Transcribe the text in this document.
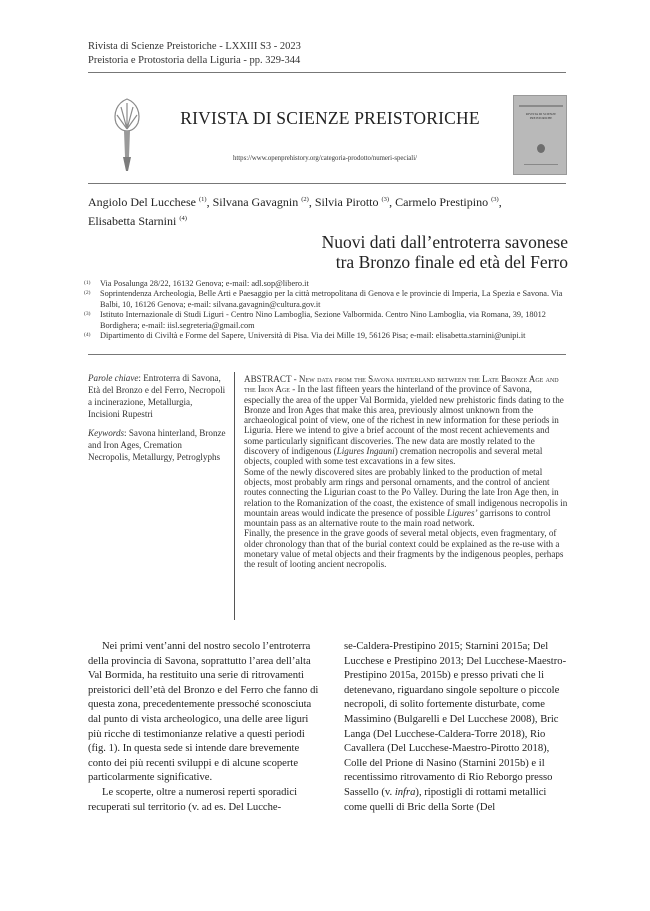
Rivista di Scienze Preistoriche - LXXIII S3 - 2023
Preistoria e Protostoria della Liguria - pp. 329-344
RIVISTA DI SCIENZE PREISTORICHE
https://www.openprehistory.org/categoria-prodotto/numeri-speciali/
RIVISTA DI SCIENZE PREISTORICHE
Angiolo Del Lucchese $^{(1)}$, Silvana Gavagnin $^{(2)}$, Silvia Pirotto $^{(3)}$, Carmelo Prestipino $^{(3)}$,
Elisabetta Starnini $^{(4)}$
Nuovi dati dall’entroterra savonese
tra Bronzo finale ed età del Ferro
(1) Via Posalunga 28/22, 16132 Genova; e-mail: adl.sop@libero.it
(2) Soprintendenza Archeologia, Belle Arti e Paesaggio per la città metropolitana di Genova e le provincie di Imperia, La Spezia e Savona. Via Balbi, 10, 16126 Genova; e-mail: silvana.gavagnin@cultura.gov.it
(3) Istituto Internazionale di Studi Liguri - Centro Nino Lamboglia, Sezione Valbormida. Centro Nino Lamboglia, via Romana, 39, 18012 Bordighera; e-mail: iisl.segreteria@gmail.com
(4) Dipartimento di Civiltà e Forme del Sapere, Università di Pisa. Via dei Mille 19, 56126 Pisa; e-mail: elisabetta.starnini@unipi.it

Parole chiave: Entroterra di Savona, Età del Bronzo e del Ferro, Necropoli a incinerazione, Metallurgia, Incisioni Rupestri

Keywords: Savona hinterland, Bronze and Iron Ages, Cremation Necropolis, Metallurgy, Petroglyphs

ABSTRACT - New data from the Savona hinterland between the Late Bronze Age and the Iron Age - In the last fifteen years the hinterland of the province of Savona, especially the area of the upper Val Bormida, yielded new prehistoric finds dating to the Bronze and Iron Ages that make this area, previously almost unknown from the archaeological point of view, one of the richest in new information for these periods in Liguria. Here we intend to give a brief account of the most recent achievements and some particularly significant discoveries. The new data are mostly related to the discovery of indigenous (Ligures Ingauni) cremation necropolis and several metal objects, coupled with some test excavations in a few sites.

Some of the newly discovered sites are probably linked to the production of metal objects, most probably arm rings and personal ornaments, and the control of ancient routes connecting the Ligurian coast to the Po Valley. During the late Iron Age then, in relation to the Romanization of the coast, the existence of small indigenous necropolis in mountain areas would indicate the presence of possible Ligures’ garrisons to control mountain pass as an alternative route to the main road network.

Finally, the presence in the grave goods of several metal objects, even fragmentary, of older chronology than that of the burial context could be explained as the re-use with a monetary value of metal objects and their fragments by the indigenous peoples, perhaps the result of looting ancient necropolis.

Nei primi vent’anni del nostro secolo l’entroterra della provincia di Savona, soprattutto l’area dell’alta Val Bormida, ha restituito una serie di ritrovamenti preistorici dell’età del Bronzo e del Ferro che fanno di questa zona, precedentemente pressoché sconosciuta dal punto di vista archeologico, una delle aree liguri più ricche di testimonianze relative a questi periodi (fig. 1). In questa sede si intende dare brevemente conto dei più recenti sviluppi e di alcune scoperte particolarmente significative.

Le scoperte, oltre a numerosi reperti sporadici recuperati sul territorio (v. ad es. Del Lucche-

se-Caldera-Prestipino 2015; Starnini 2015a; Del Lucchese e Prestipino 2013; Del Lucchese-Maestro-Prestipino 2015a, 2015b) e presso privati che li detenevano, riguardano singole sepolture o piccole necropoli, di solito fortemente disturbate, come Massimino (Bulgarelli e Del Lucchese 2008), Bric Langa (Del Lucchese-Caldera-Torre 2018), Rio Cavallera (Del Lucchese-Maestro-Pirotto 2018), Colle del Prione di Nasino (Starnini 2015b) e il recentissimo ritrovamento di Rio Reborgo presso Sassello (v. infra), ripostigli di rottami metallici come quelli di Bric della Sorte (Del
